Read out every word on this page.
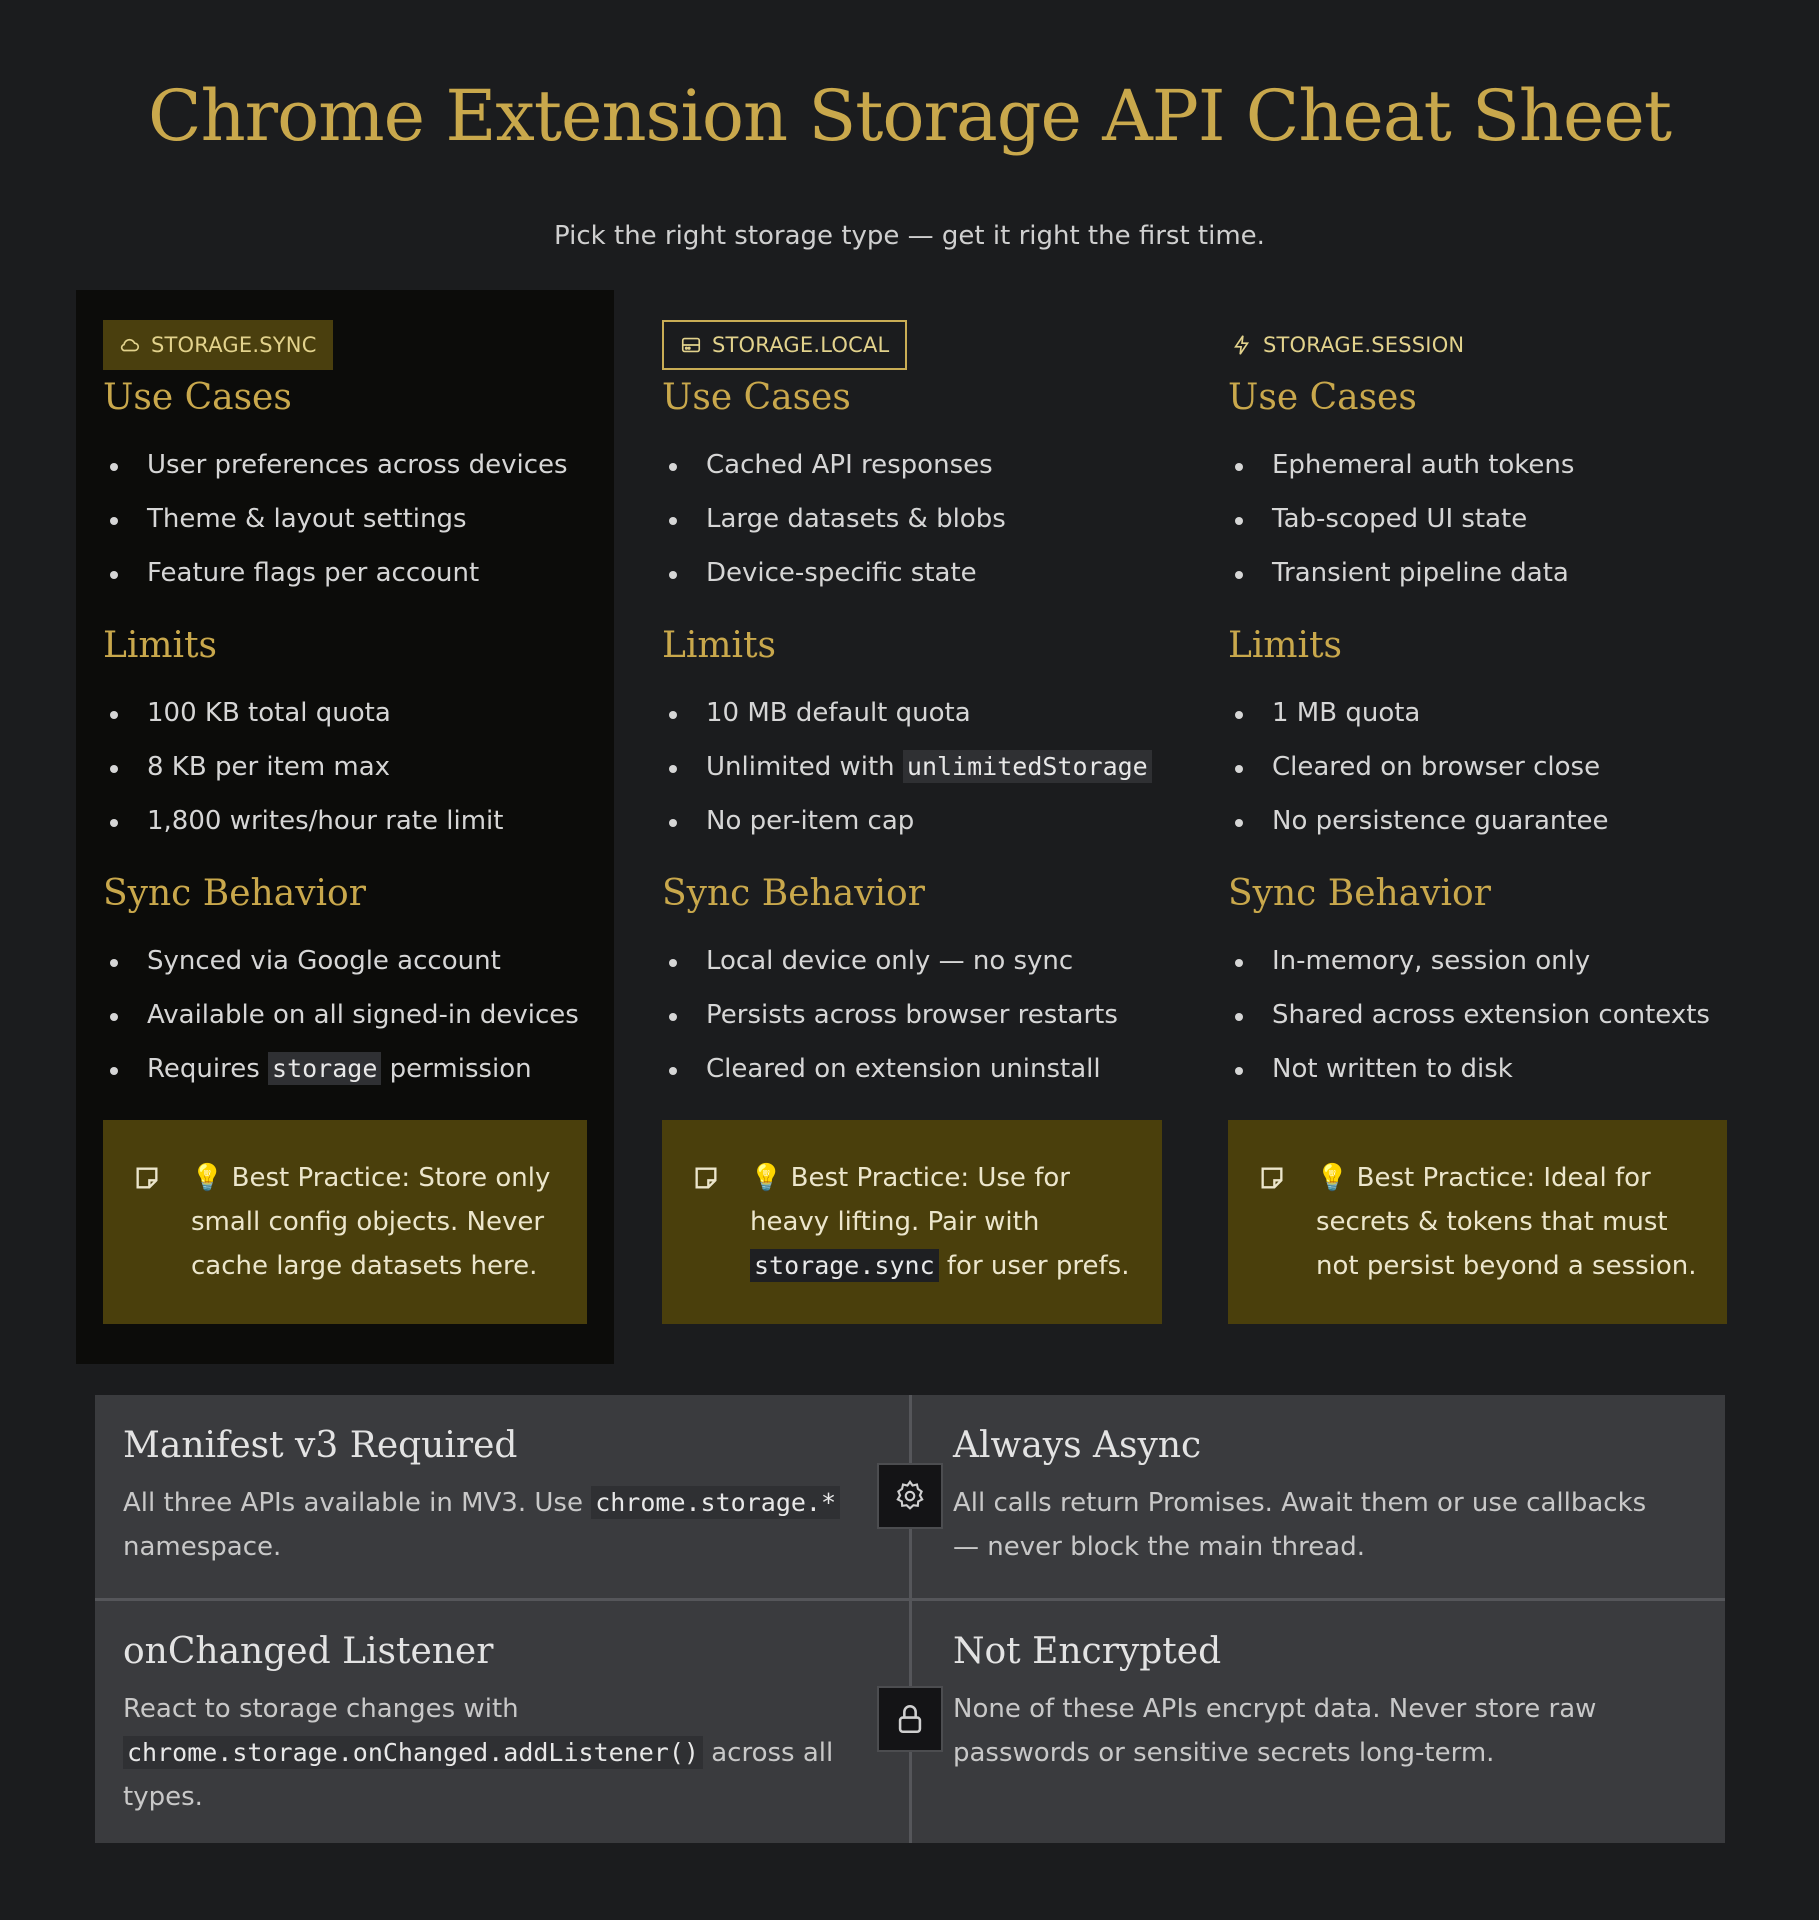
Chrome Extension Storage API Cheat Sheet
Pick the right storage type — get it right the first time.
STORAGE.SYNC
Use Cases
User preferences across devices
Theme & layout settings
Feature flags per account
Limits
100 KB total quota
8 KB per item max
1,800 writes/hour rate limit
Sync Behavior
Synced via Google account
Available on all signed-in devices
Requires storage permission
💡 Best Practice: Store only small config objects. Never cache large datasets here.
STORAGE.LOCAL
Use Cases
Cached API responses
Large datasets & blobs
Device-specific state
Limits
10 MB default quota
Unlimited with unlimitedStorage
No per-item cap
Sync Behavior
Local device only — no sync
Persists across browser restarts
Cleared on extension uninstall
💡 Best Practice: Use for heavy lifting. Pair with storage.sync for user prefs.
STORAGE.SESSION
Use Cases
Ephemeral auth tokens
Tab-scoped UI state
Transient pipeline data
Limits
1 MB quota
Cleared on browser close
No persistence guarantee
Sync Behavior
In-memory, session only
Shared across extension contexts
Not written to disk
💡 Best Practice: Ideal for secrets & tokens that must not persist beyond a session.
Manifest v3 Required

All three APIs available in MV3. Use chrome.storage.* namespace.

Always Async

All calls return Promises. Await them or use callbacks — never block the main thread.

onChanged Listener

React to storage changes with chrome.storage.onChanged.addListener() across all types.

Not Encrypted

None of these APIs encrypt data. Never store raw passwords or sensitive secrets long-term.
